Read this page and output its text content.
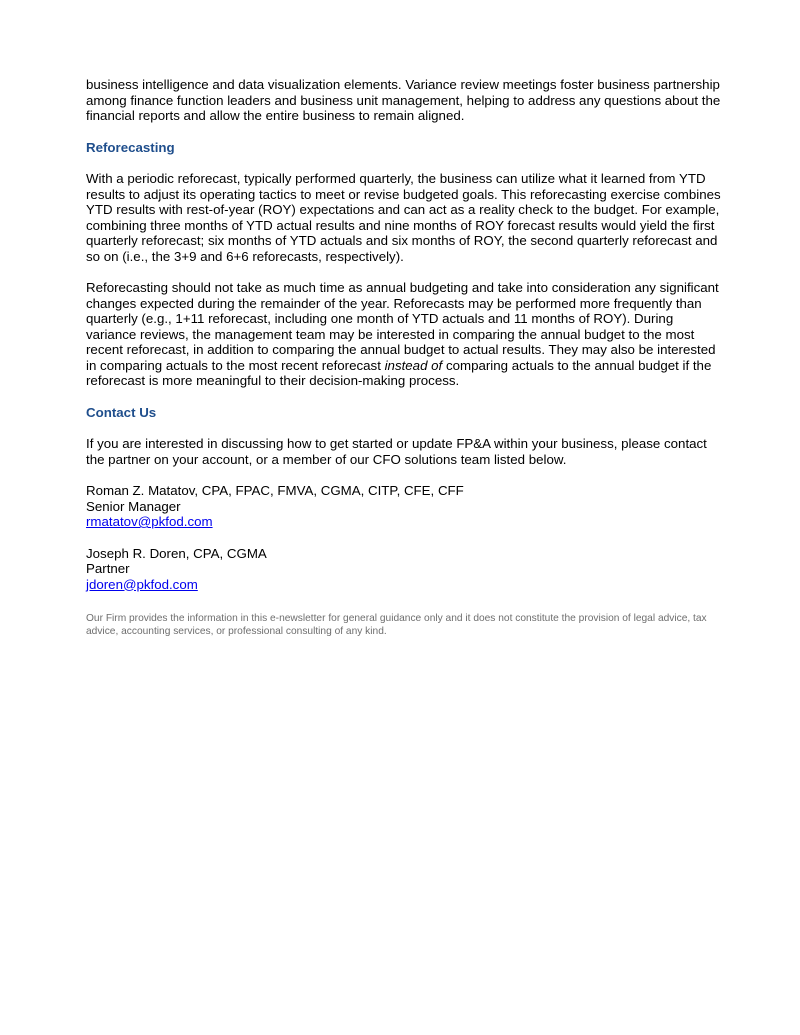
business intelligence and data visualization elements. Variance review meetings foster business partnership among finance function leaders and business unit management, helping to address any questions about the financial reports and allow the entire business to remain aligned.

Reforecasting

With a periodic reforecast, typically performed quarterly, the business can utilize what it learned from YTD results to adjust its operating tactics to meet or revise budgeted goals. This reforecasting exercise combines YTD results with rest-of-year (ROY) expectations and can act as a reality check to the budget. For example, combining three months of YTD actual results and nine months of ROY forecast results would yield the first quarterly reforecast; six months of YTD actuals and six months of ROY, the second quarterly reforecast and so on (i.e., the 3+9 and 6+6 reforecasts, respectively).

Reforecasting should not take as much time as annual budgeting and take into consideration any significant changes expected during the remainder of the year. Reforecasts may be performed more frequently than quarterly (e.g., 1+11 reforecast, including one month of YTD actuals and 11 months of ROY). During variance reviews, the management team may be interested in comparing the annual budget to the most recent reforecast, in addition to comparing the annual budget to actual results. They may also be interested in comparing actuals to the most recent reforecast instead of comparing actuals to the annual budget if the reforecast is more meaningful to their decision-making process.

Contact Us

If you are interested in discussing how to get started or update FP&A within your business, please contact the partner on your account, or a member of our CFO solutions team listed below.

Roman Z. Matatov, CPA, FPAC, FMVA, CGMA, CITP, CFE, CFF
Senior Manager
rmatatov@pkfod.com
Joseph R. Doren, CPA, CGMA
Partner
jdoren@pkfod.com

Our Firm provides the information in this e-newsletter for general guidance only and it does not constitute the provision of legal advice, tax advice, accounting services, or professional consulting of any kind.
